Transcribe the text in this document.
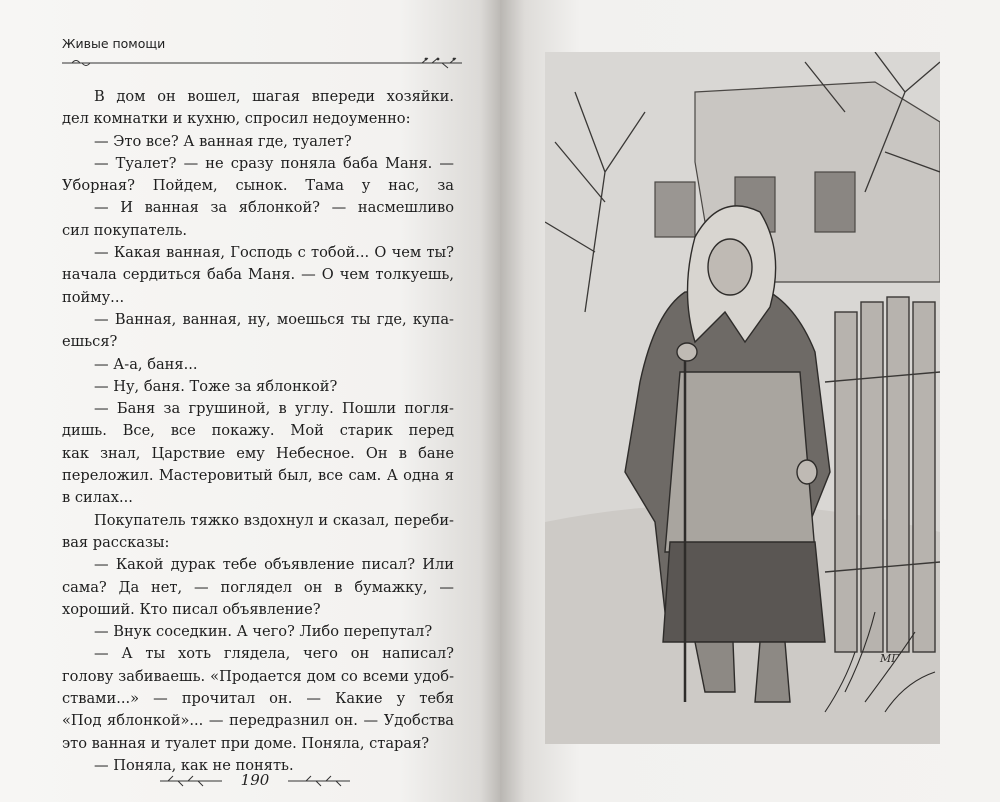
Живые помощи
В дом он вошел, шагая впереди хозяйки.
дел комнатки и кухню, спросил недоуменно:
— Это все? А ванная где, туалет?
— Туалет? — не сразу поняла баба Маня. —
Уборная? Пойдем, сынок. Тама у нас, за
— И ванная за яблонкой? — насмешливо
сил покупатель.
— Какая ванная, Господь с тобой... О чем ты?
начала сердиться баба Маня. — О чем толкуешь,
пойму...
— Ванная, ванная, ну, моешься ты где, купа-
ешься?
— А-а, баня...
— Ну, баня. Тоже за яблонкой?
— Баня за грушиной, в углу. Пошли погля-
дишь. Все, все покажу. Мой старик перед
как знал, Царствие ему Небесное. Он в бане
переложил. Мастеровитый был, все сам. А одна я
в силах...
Покупатель тяжко вздохнул и сказал, переби-
вая рассказы:
— Какой дурак тебе объявление писал? Или
сама? Да нет, — поглядел он в бумажку, —
хороший. Кто писал объявление?
— Внук соседкин. А чего? Либо перепутал?
— А ты хоть глядела, чего он написал?
голову забиваешь. «Продается дом со всеми удоб-
ствами...» — прочитал он. — Какие у тебя
«Под яблонкой»... — передразнил он. — Удобства
это ванная и туалет при доме. Поняла, старая?
— Поняла, как не понять.
190
МГ
